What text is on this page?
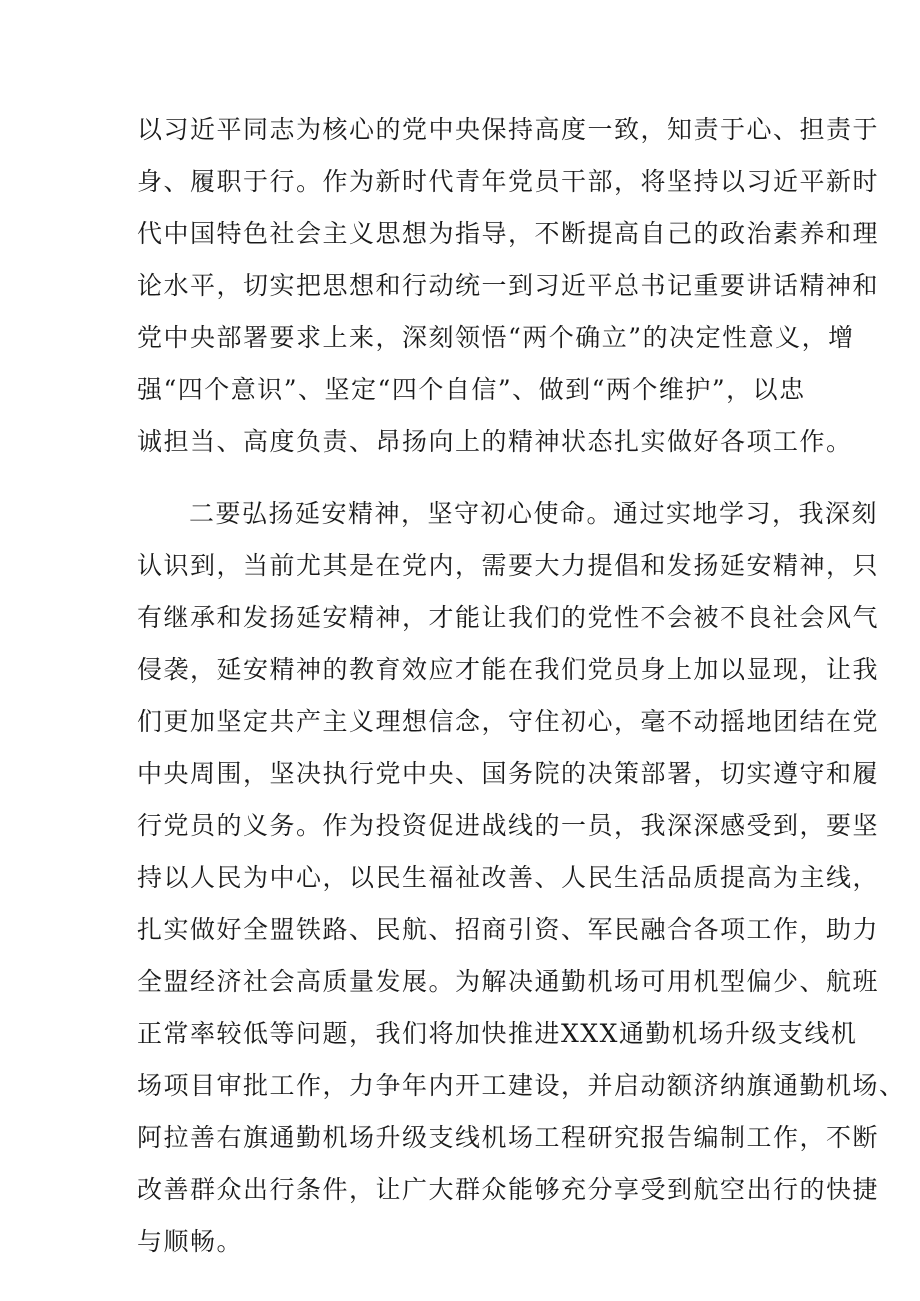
以习近平同志为核心的党中央保持高度一致，知责于心、担责于

身、履职于行。作为新时代青年党员干部，将坚持以习近平新时

代中国特色社会主义思想为指导，不断提高自己的政治素养和理

论水平，切实把思想和行动统一到习近平总书记重要讲话精神和

党中央部署要求上来，深刻领悟“两个确立”的决定性意义，增

强“四个意识”、坚定“四个自信”、做到“两个维护”，以忠

诚担当、高度负责、昂扬向上的精神状态扎实做好各项工作。

二要弘扬延安精神，坚守初心使命。通过实地学习，我深刻

认识到，当前尤其是在党内，需要大力提倡和发扬延安精神，只

有继承和发扬延安精神，才能让我们的党性不会被不良社会风气

侵袭，延安精神的教育效应才能在我们党员身上加以显现，让我

们更加坚定共产主义理想信念，守住初心，毫不动摇地团结在党

中央周围，坚决执行党中央、国务院的决策部署，切实遵守和履

行党员的义务。作为投资促进战线的一员，我深深感受到，要坚

持以人民为中心，以民生福祉改善、人民生活品质提高为主线，

扎实做好全盟铁路、民航、招商引资、军民融合各项工作，助力

全盟经济社会高质量发展。为解决通勤机场可用机型偏少、航班

正常率较低等问题，我们将加快推进XXX通勤机场升级支线机

场项目审批工作，力争年内开工建设，并启动额济纳旗通勤机场、

阿拉善右旗通勤机场升级支线机场工程研究报告编制工作，不断

改善群众出行条件，让广大群众能够充分享受到航空出行的快捷

与顺畅。
